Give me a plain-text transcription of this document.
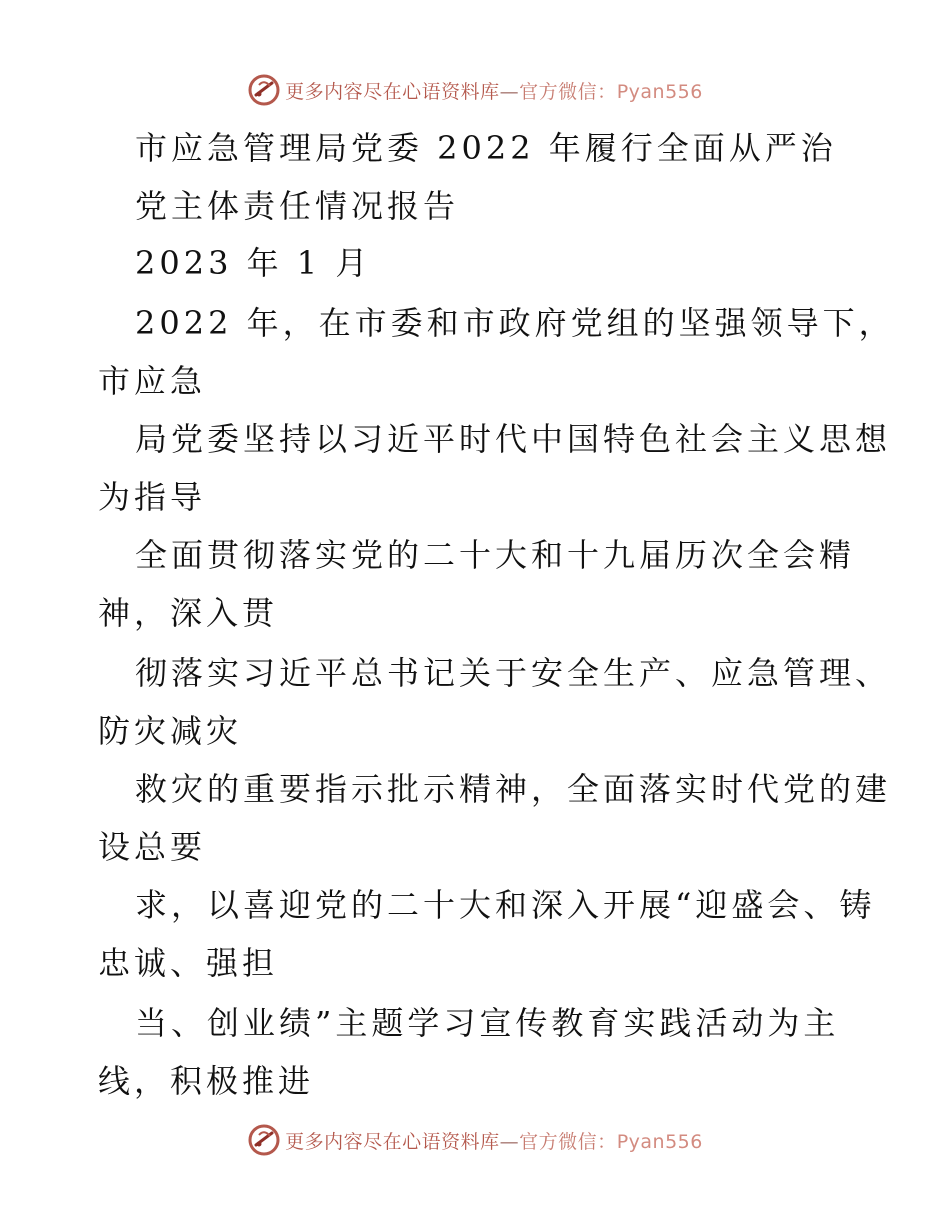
更多内容尽在心语资料库—官方微信：Pyan556
市应急管理局党委 2022 年履行全面从严治
党主体责任情况报告
2023 年 1 月
2022 年，在市委和市政府党组的坚强领导下，
市应急
局党委坚持以习近平时代中国特色社会主义思想
为指导
全面贯彻落实党的二十大和十九届历次全会精
神，深入贯
彻落实习近平总书记关于安全生产、应急管理、
防灾减灾
救灾的重要指示批示精神，全面落实时代党的建
设总要
求，以喜迎党的二十大和深入开展“迎盛会、铸
忠诚、强担
当、创业绩”主题学习宣传教育实践活动为主
线，积极推进
更多内容尽在心语资料库—官方微信：Pyan556
